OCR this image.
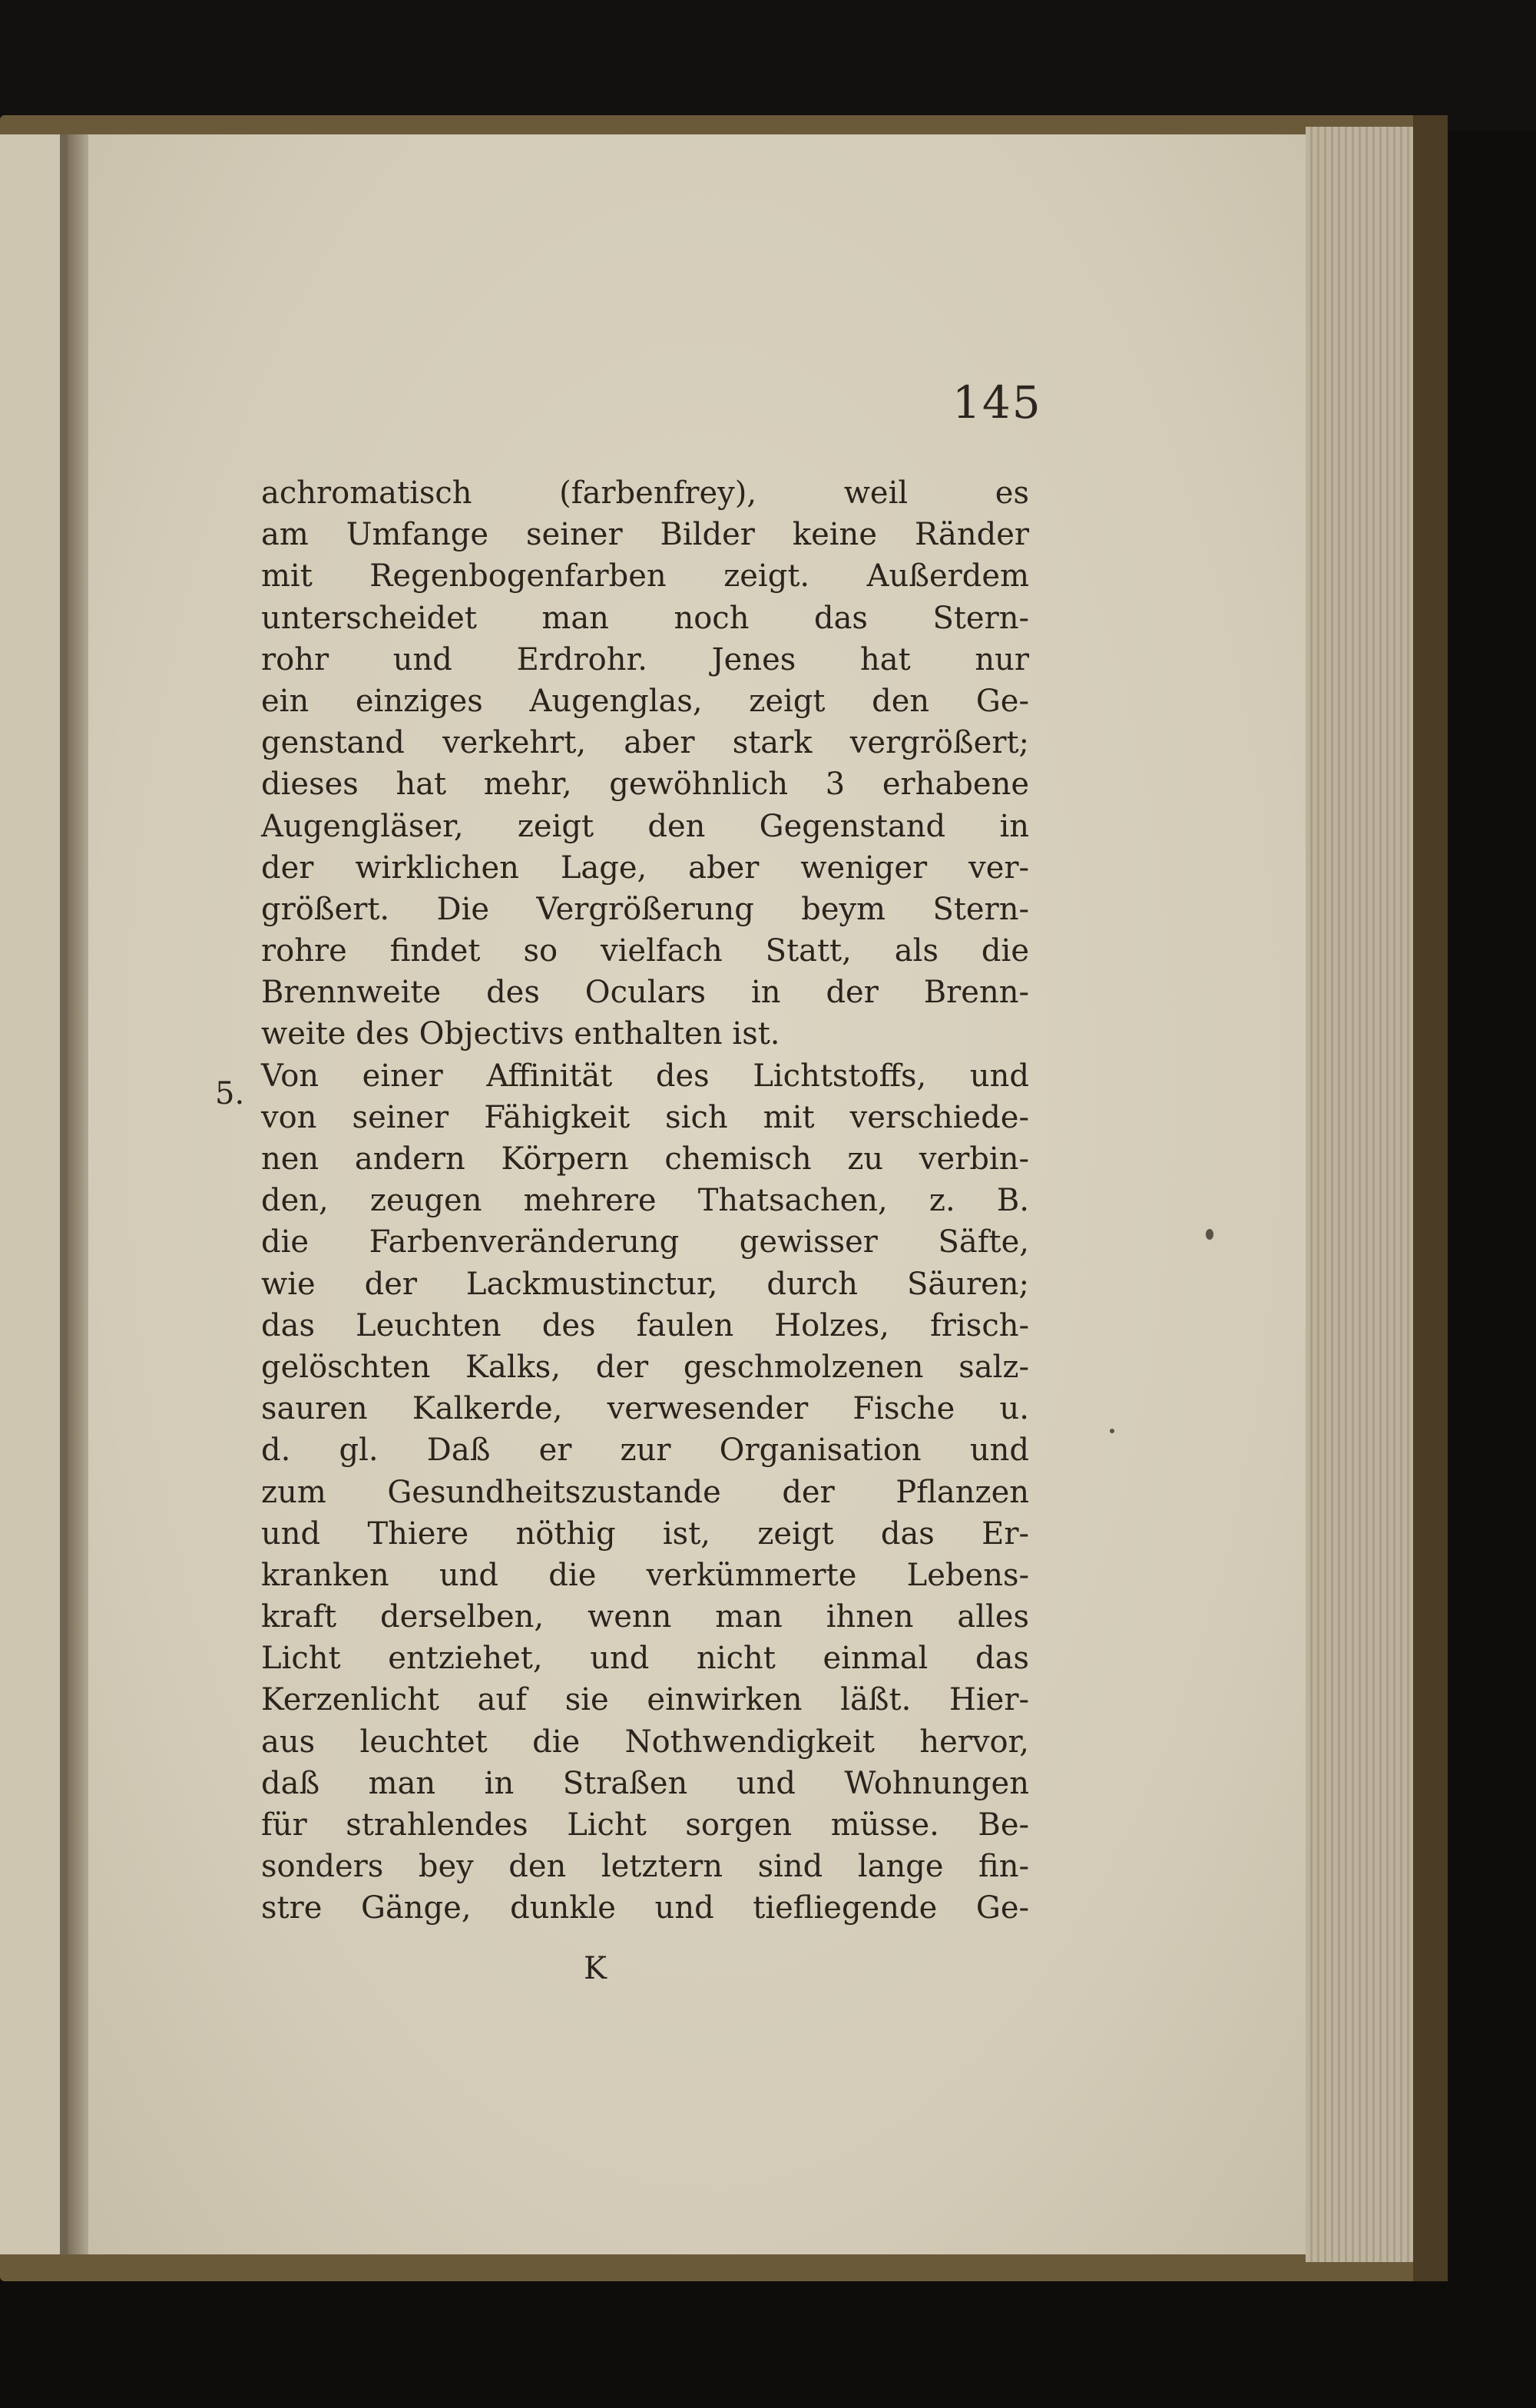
145
5.
achromatisch (farbenfrey), weil es
am Umfange seiner Bilder keine Ränder
mit Regenbogenfarben zeigt. Außerdem
unterscheidet man noch das Stern-
rohr und Erdrohr. Jenes hat nur
ein einziges Augenglas, zeigt den Ge-
genstand verkehrt, aber stark vergrößert;
dieses hat mehr, gewöhnlich 3 erhabene
Augengläser, zeigt den Gegenstand in
der wirklichen Lage, aber weniger ver-
größert. Die Vergrößerung beym Stern-
rohre findet so vielfach Statt, als die
Brennweite des Oculars in der Brenn-
weite des Objectivs enthalten ist.
Von einer Affinität des Lichtstoffs, und
von seiner Fähigkeit sich mit verschiede-
nen andern Körpern chemisch zu verbin-
den, zeugen mehrere Thatsachen, z. B.
die Farbenveränderung gewisser Säfte,
wie der Lackmustinctur, durch Säuren;
das Leuchten des faulen Holzes, frisch-
gelöschten Kalks, der geschmolzenen salz-
sauren Kalkerde, verwesender Fische u.
d. gl. Daß er zur Organisation und
zum Gesundheitszustande der Pflanzen
und Thiere nöthig ist, zeigt das Er-
kranken und die verkümmerte Lebens-
kraft derselben, wenn man ihnen alles
Licht entziehet, und nicht einmal das
Kerzenlicht auf sie einwirken läßt. Hier-
aus leuchtet die Nothwendigkeit hervor,
daß man in Straßen und Wohnungen
für strahlendes Licht sorgen müsse. Be-
sonders bey den letztern sind lange fin-
stre Gänge, dunkle und tiefliegende Ge-
K
